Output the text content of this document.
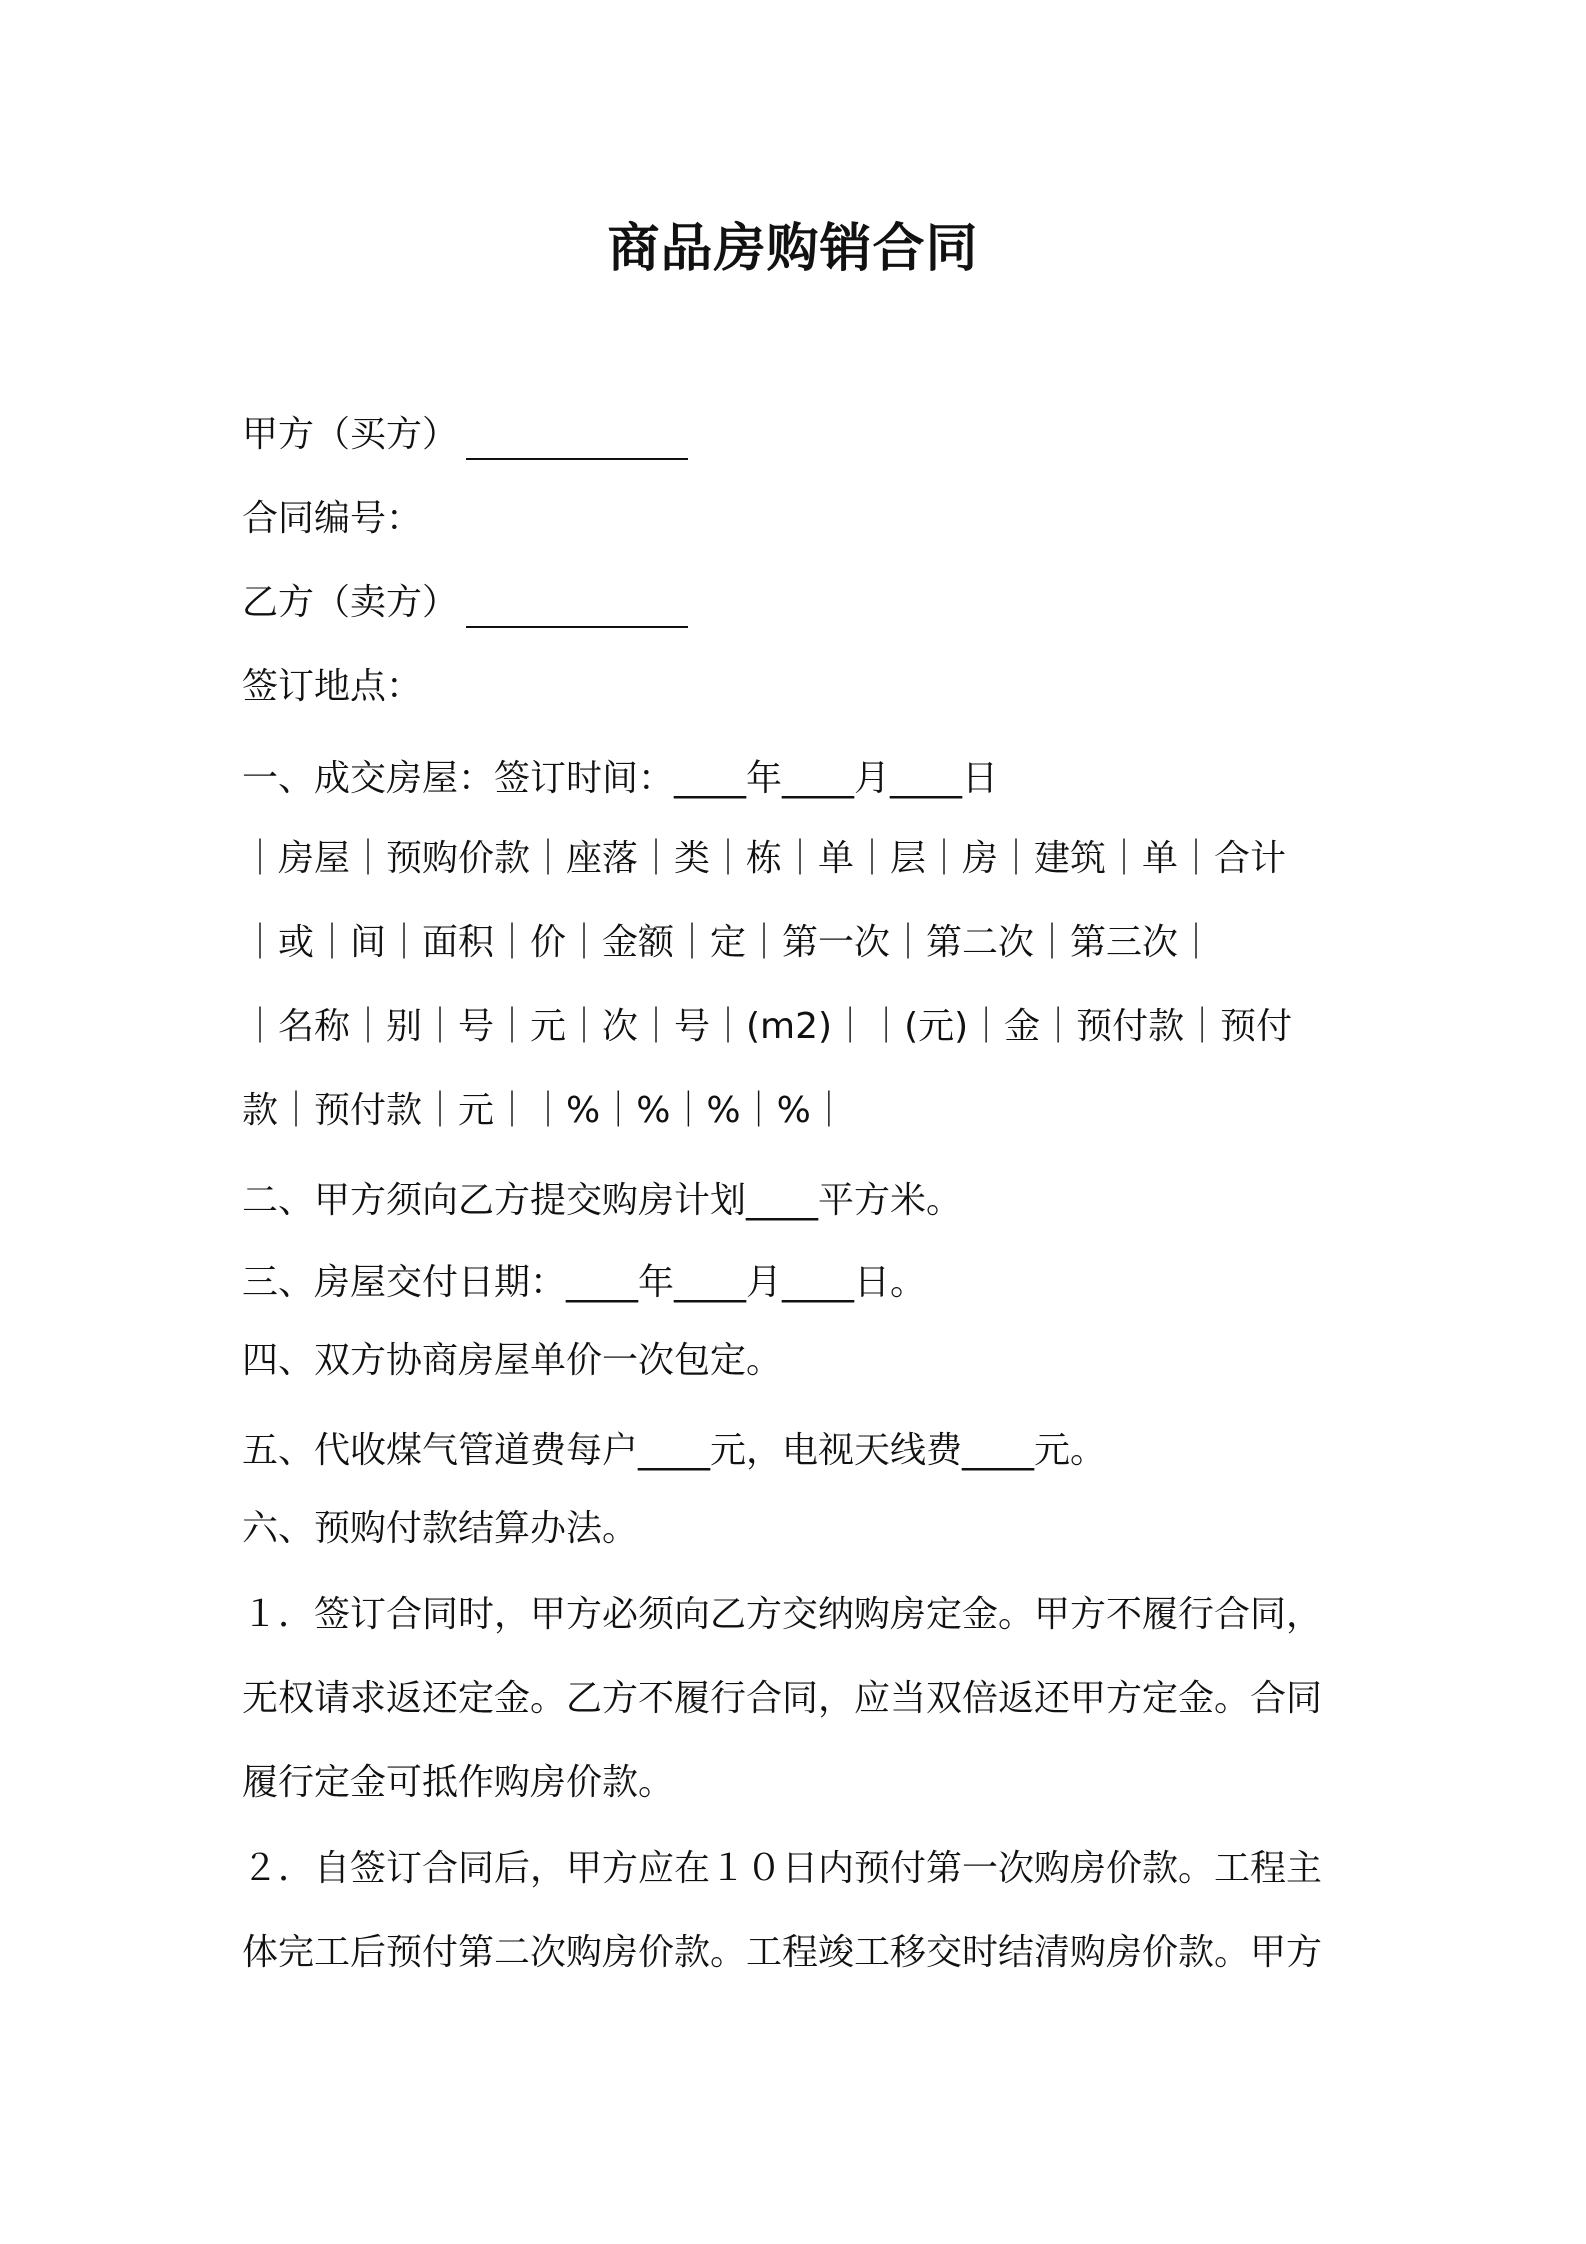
商品房购销合同
甲方（买方）
合同编号：
乙方（卖方）
签订地点：
一、成交房屋：签订时间：____年____月____日
｜房屋｜预购价款｜座落｜类｜栋｜单｜层｜房｜建筑｜单｜合计
｜或｜间｜面积｜价｜金额｜定｜第一次｜第二次｜第三次｜
｜名称｜别｜号｜元｜次｜号｜(m2)｜｜(元)｜金｜预付款｜预付
款｜预付款｜元｜｜%｜%｜%｜%｜
二、甲方须向乙方提交购房计划____平方米。
三、房屋交付日期：____年____月____日。
四、双方协商房屋单价一次包定。
五、代收煤气管道费每户____元，电视天线费____元。
六、预购付款结算办法。
１．签订合同时，甲方必须向乙方交纳购房定金。甲方不履行合同，
无权请求返还定金。乙方不履行合同，应当双倍返还甲方定金。合同
履行定金可抵作购房价款。
２．自签订合同后，甲方应在１０日内预付第一次购房价款。工程主
体完工后预付第二次购房价款。工程竣工移交时结清购房价款。甲方
